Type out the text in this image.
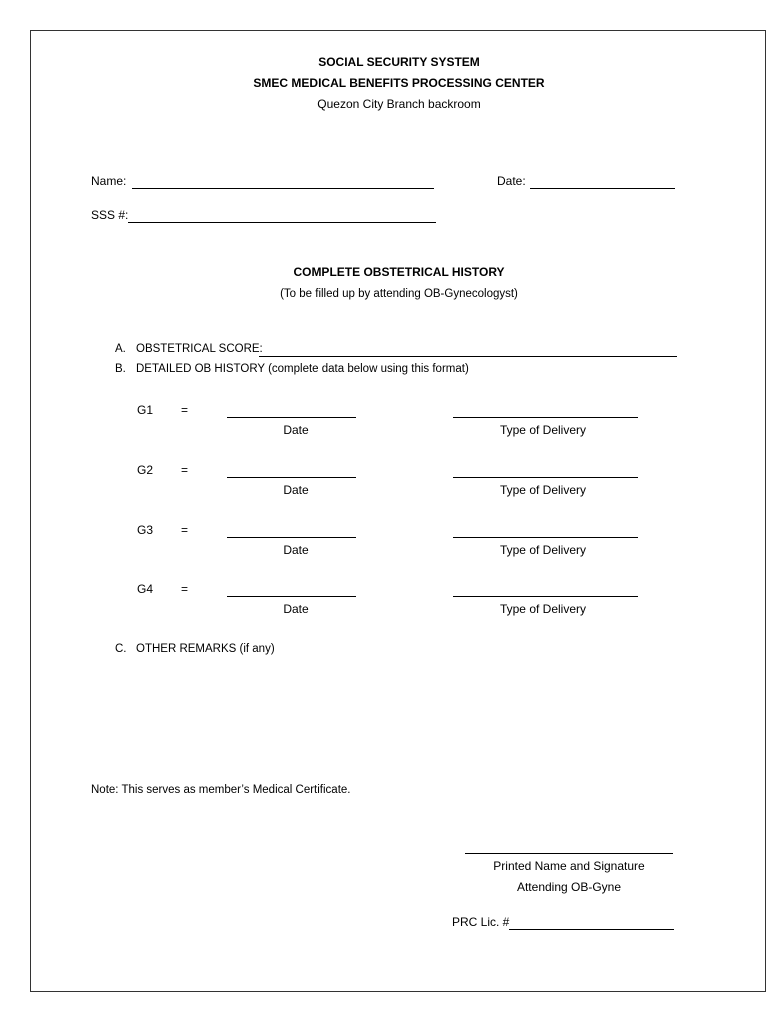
SOCIAL SECURITY SYSTEM
SMEC MEDICAL BENEFITS PROCESSING CENTER
Quezon City Branch backroom
Name:	Date:
SSS #:
COMPLETE OBSTETRICAL HISTORY
(To be filled up by attending OB-Gynecologyst)
A. OBSTETRICAL SCORE:
B. DETAILED OB HISTORY (complete data below using this format)
G1 =
Date	Type of Delivery
G2 =
Date	Type of Delivery
G3 =
Date	Type of Delivery
G4 =
Date	Type of Delivery
C. OTHER REMARKS (if any)
Note: This serves as member’s Medical Certificate.
Printed Name and Signature
Attending OB-Gyne
PRC Lic. #
